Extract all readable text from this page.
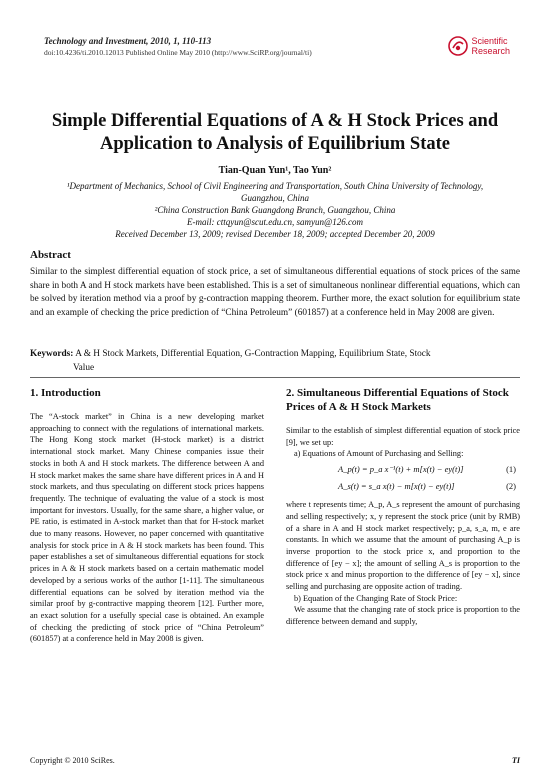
Technology and Investment, 2010, 1, 110-113
doi:10.4236/ti.2010.12013 Published Online May 2010 (http://www.SciRP.org/journal/ti)
Scientific
Research
Simple Differential Equations of A & H Stock Prices and
Application to Analysis of Equilibrium State
Tian-Quan Yun¹, Tao Yun²
¹Department of Mechanics, School of Civil Engineering and Transportation, South China University of Technology,
Guangzhou, China
²China Construction Bank Guangdong Branch, Guangzhou, China
E-mail: cttqyun@scut.edu.cn, samyun@126.com
Received December 13, 2009; revised December 18, 2009; accepted December 20, 2009
Abstract
Similar to the simplest differential equation of stock price, a set of simultaneous differential equations of stock prices of the same share in both A and H stock markets have been established. This is a set of simultaneous nonlinear differential equations, which can be solved by iteration method via a proof by g-contraction mapping theorem. Further more, the exact solution for equilibrium state and an example of checking the price prediction of “China Petroleum” (601857) at a conference held in May 2008 are given.
Keywords: A & H Stock Markets, Differential Equation, G-Contraction Mapping, Equilibrium State, Stock
Value
1. Introduction

The “A-stock market” in China is a new developing market approaching to connect with the regulations of international markets. The Hong Kong stock market (H-stock market) is a district international stock market. Many Chinese companies issue their stocks in both A and H stock markets. The difference between A and H stock market makes the same share have different prices in A and H stock markets, and thus speculating on different stock prices happens frequently. The technique of evaluating the value of a stock is most important for investors. Usually, for the same share, a higher value, or PE ratio, is estimated in A-stock market than that for H-stock market due to many reasons. However, no paper concerned with quantitative analysis for stock price in A & H stock markets has been found. This paper establishes a set of simultaneous differential equations for stock prices in A & H stock markets based on a certain mathematic model developed by a serious works of the author [1-11]. The simultaneous differential equations can be solved by iteration method via the similar proof by g-contractive mapping theorem [12]. Further more, an exact solution for a usefully special case is obtained. An example of checking the predicting of stock price of “China Petroleum” (601857) at a conference held in May 2008 is given.

2. Simultaneous Differential Equations of Stock Prices of A & H Stock Markets

Similar to the establish of simplest differential equation of stock price [9], we set up:

a) Equations of Amount of Purchasing and Selling:

A_p(t) = p_a x⁻¹(t) + m[x(t) − ey(t)]	(1)
A_s(t) = s_a x(t) − m[x(t) − ey(t)]	(2)

where t represents time; A_p, A_s represent the amount of purchasing and selling respectively; x, y represent the stock price (unit by RMB) of a share in A and H stock market respectively; p_a, s_a, m, e are constants. In which we assume that the amount of purchasing A_p is inverse proportion to the stock price x, and proportion to the difference of [ey − x]; the amount of selling A_s is proportion to the stock price x and minus proportion to the difference of [ey − x], since selling and purchasing are opposite action of trading.

b) Equation of the Changing Rate of Stock Price:

We assume that the changing rate of stock price is proportion to the difference between demand and supply,

Copyright © 2010 SciRes.	TI
